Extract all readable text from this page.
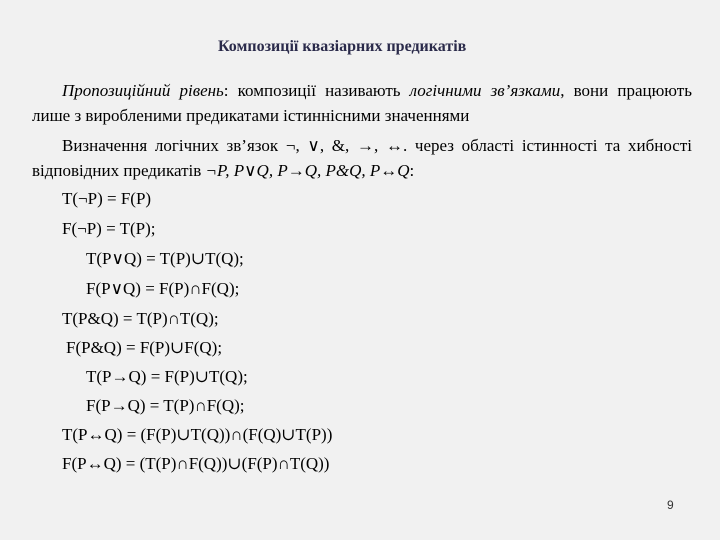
Композиції квазіарних предикатів
Пропозиційний рівень: композиції називають логічними зв’язками, вони працюють лише з виробленими предикатами істиннісними значеннями
Визначення логічних зв’язок ¬, ∨, &, →, ↔. через області істинності та хибності відповідних предикатів ¬P, P∨Q, P→Q, P&Q, P↔Q:
T(¬P) = F(P)
F(¬P) = T(P);
T(P∨Q) = T(P)∪T(Q);
F(P∨Q) = F(P)∩F(Q);
T(P&Q) = T(P)∩T(Q);
F(P&Q) = F(P)∪F(Q);
T(P→Q) = F(P)∪T(Q);
F(P→Q) = T(P)∩F(Q);
T(P↔Q) = (F(P)∪T(Q))∩(F(Q)∪T(P))
F(P↔Q) = (T(P)∩F(Q))∪(F(P)∩T(Q))
9
